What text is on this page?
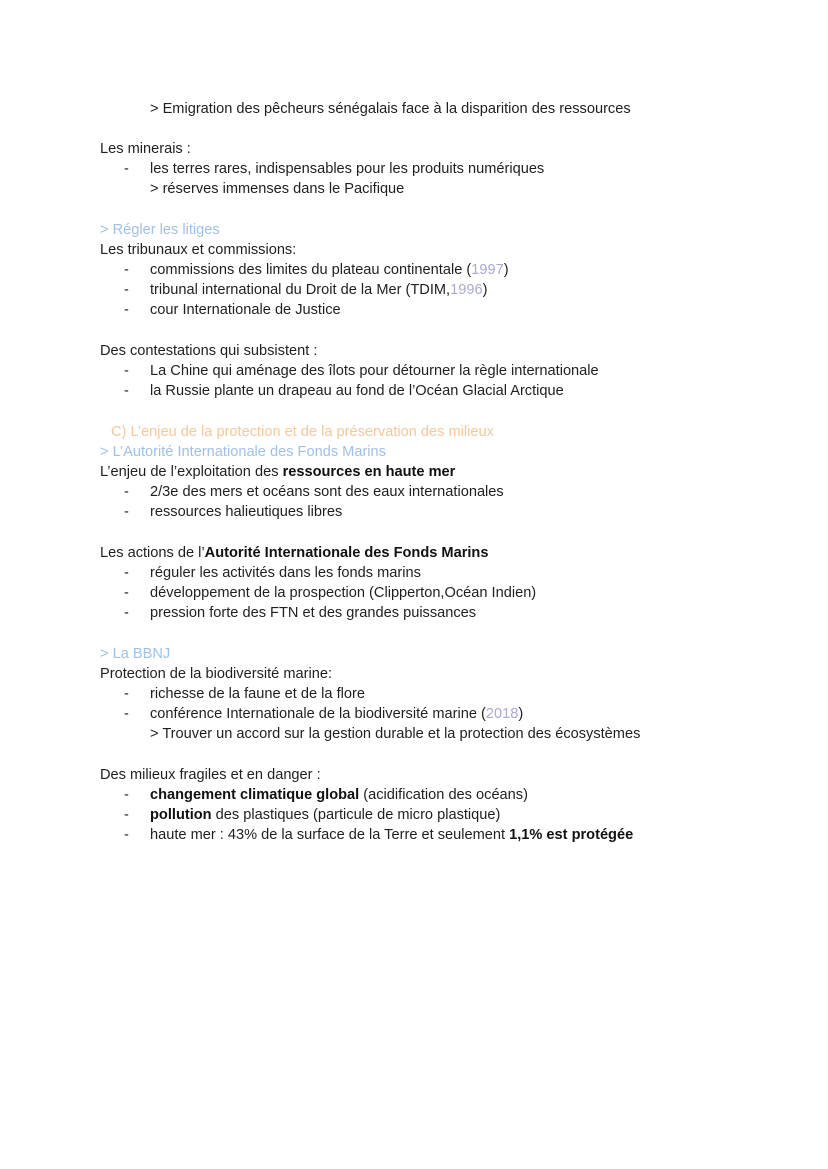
> Emigration des pêcheurs sénégalais face à la disparition des ressources
Les minerais :
- les terres rares, indispensables pour les produits numériques
> réserves immenses dans le Pacifique
> Régler les litiges
Les tribunaux et commissions:
- commissions des limites du plateau continentale (1997)
- tribunal international du Droit de la Mer (TDIM,1996)
- cour Internationale de Justice
Des contestations qui subsistent :
- La Chine qui aménage des îlots pour détourner la règle internationale
- la Russie plante un drapeau au fond de l’Océan Glacial Arctique
C) L’enjeu de la protection et de la préservation des milieux
> L’Autorité Internationale des Fonds Marins
L’enjeu de l’exploitation des ressources en haute mer
- 2/3e des mers et océans sont des eaux internationales
- ressources halieutiques libres
Les actions de l’Autorité Internationale des Fonds Marins
- réguler les activités dans les fonds marins
- développement de la prospection (Clipperton,Océan Indien)
- pression forte des FTN et des grandes puissances
> La BBNJ
Protection de la biodiversité marine:
- richesse de la faune et de la flore
- conférence Internationale de la biodiversité marine (2018)
> Trouver un accord sur la gestion durable et la protection des écosystèmes
Des milieux fragiles et en danger :
- changement climatique global (acidification des océans)
- pollution des plastiques (particule de micro plastique)
- haute mer : 43% de la surface de la Terre et seulement 1,1% est protégée
